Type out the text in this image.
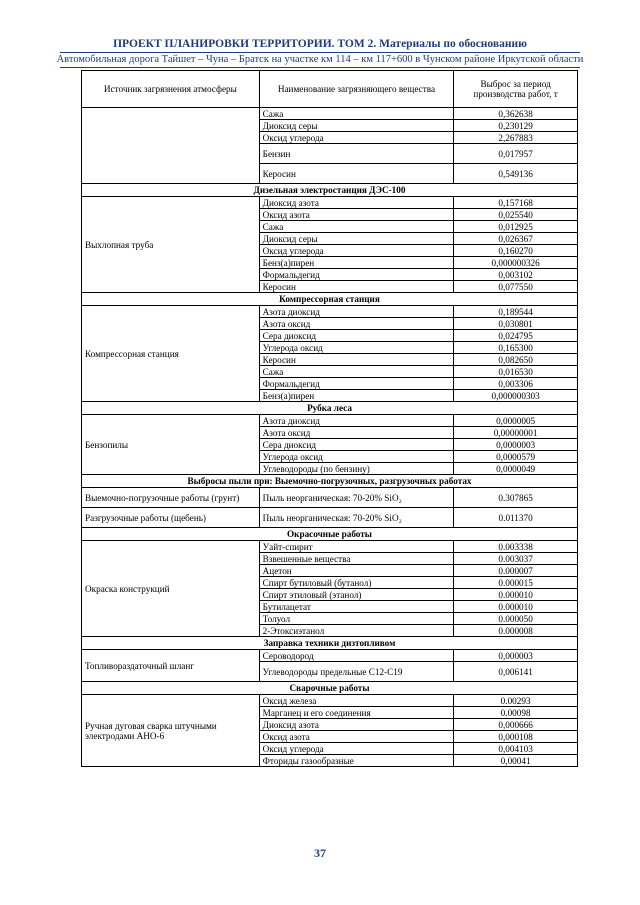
ПРОЕКТ ПЛАНИРОВКИ ТЕРРИТОРИИ. ТОМ 2. Материалы по обоснованию
Автомобильная дорога Тайшет – Чуна – Братск на участке км 114 – км 117+600 в Чунском районе Иркутской области
Источник загрязнения атмосферы	Наименование загрязняющего вещества	Выброс за период производства работ, т
	Сажа	0,362638
	Диоксид серы	0,230129
	Оксид углерода	2,267883
	Бензин	0,017957
	Керосин	0,549136
Дизельная электростанция ДЭС-100		
Выхлопная труба	Диоксид азота	0,157168
	Оксид азота	0,025540
	Сажа	0,012925
	Диоксид серы	0,026367
	Оксид углерода	0,160270
	Бенз(а)пирен	0,000000326
	Формальдегид	0,003102
	Керосин	0,077550
Компрессорная станция		
Компрессорная станция	Азота диоксид	0,189544
	Азота оксид	0,030801
	Сера диоксид	0,024795
	Углерода оксид	0,165300
	Керосин	0,082650
	Сажа	0,016530
	Формальдегид	0,003306
	Бенз(а)пирен	0,000000303
Рубка леса		
Бензопилы	Азота диоксид	0,0000005
	Азота оксид	0,00000001
	Сера диоксид	0,0000003
	Углерода оксид	0,0000579
	Углеводороды (по бензину)	0,0000049
Выбросы пыли при: Выемочно-погрузочных, разгрузочных работах		
Выемочно-погрузочные работы (грунт)	Пыль неорганическая: 70-20% SiO₂	0.307865
Разгрузочные работы (щебень)	Пыль неорганическая: 70-20% SiO₂	0.011370
Окрасочные работы		
Окраска конструкций	Уайт-спирит	0.003338
	Взвешенные вещества	0.003037
	Ацетон	0.000007
	Спирт бутиловый (бутанол)	0.000015
	Спирт этиловый (этанол)	0.000010
	Бутилацетат	0.000010
	Толуол	0.000050
	2-Этоксиэтанол	0.000008
Заправка техники дизтопливом		
Топливораздаточный шланг	Сероводород	0,000003
	Углеводороды предельные C12-C19	0,006141
Сварочные работы		
Ручная дуговая сварка штучными электродами АНО-6	Оксид железа	0.00293
	Марганец и его соединения	0.00098
	Диоксид азота	0,000666
	Оксид азота	0,000108
	Оксид углерода	0,004103
	Фториды газообразные	0,00041
37
